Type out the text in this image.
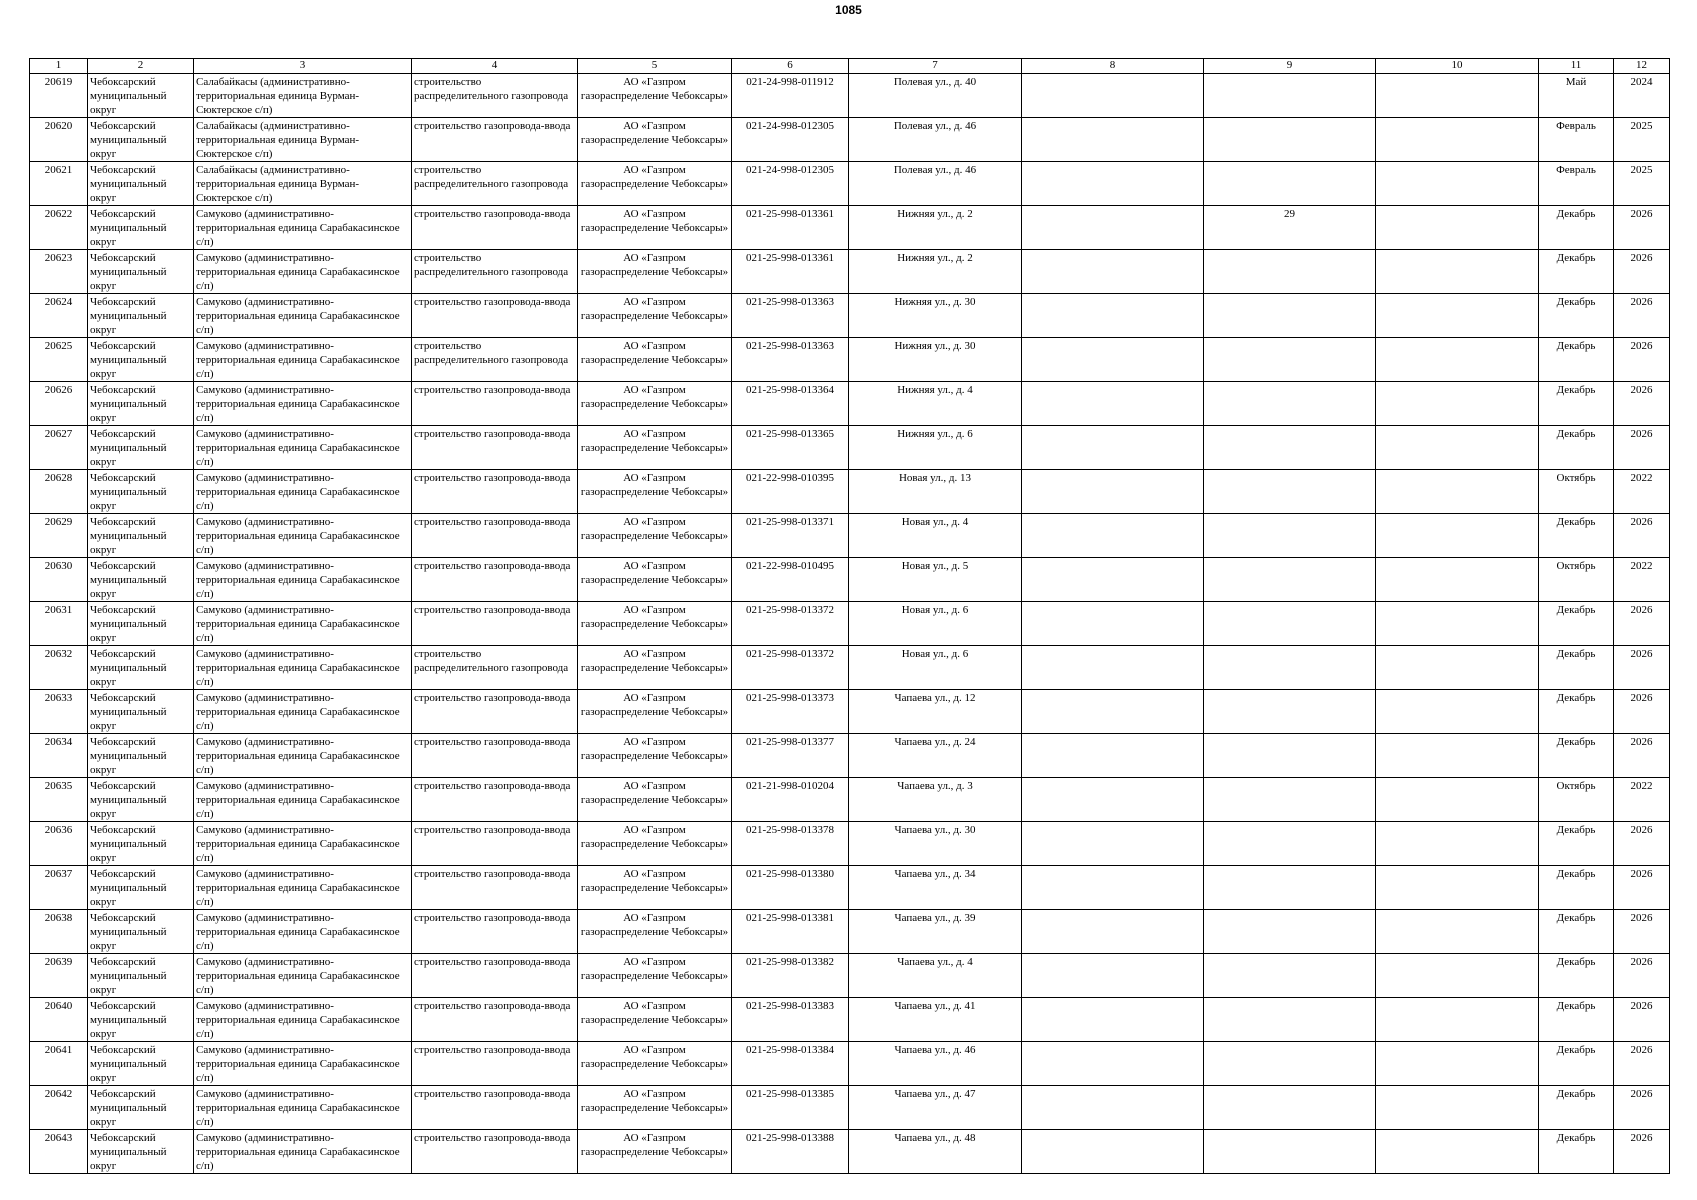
1085
1	2	3	4	5	6	7	8	9	10	11	12
20619	Чебоксарский муниципальный округ	Салабайкасы (административно-территориальная единица Вурман-Сюктерское с/п)	строительство распределительного газопровода	АО «Газпром газораспределение Чебоксары»	021-24-998-011912	Полевая ул., д. 40				Май	2024
20620	Чебоксарский муниципальный округ	Салабайкасы (административно-территориальная единица Вурман-Сюктерское с/п)	строительство газопровода-ввода	АО «Газпром газораспределение Чебоксары»	021-24-998-012305	Полевая ул., д. 46				Февраль	2025
20621	Чебоксарский муниципальный округ	Салабайкасы (административно-территориальная единица Вурман-Сюктерское с/п)	строительство распределительного газопровода	АО «Газпром газораспределение Чебоксары»	021-24-998-012305	Полевая ул., д. 46				Февраль	2025
20622	Чебоксарский муниципальный округ	Самуково (административно-территориальная единица Сарабакасинское с/п)	строительство газопровода-ввода	АО «Газпром газораспределение Чебоксары»	021-25-998-013361	Нижняя ул., д. 2		29		Декабрь	2026
20623	Чебоксарский муниципальный округ	Самуково (административно-территориальная единица Сарабакасинское с/п)	строительство распределительного газопровода	АО «Газпром газораспределение Чебоксары»	021-25-998-013361	Нижняя ул., д. 2				Декабрь	2026
20624	Чебоксарский муниципальный округ	Самуково (административно-территориальная единица Сарабакасинское с/п)	строительство газопровода-ввода	АО «Газпром газораспределение Чебоксары»	021-25-998-013363	Нижняя ул., д. 30				Декабрь	2026
20625	Чебоксарский муниципальный округ	Самуково (административно-территориальная единица Сарабакасинское с/п)	строительство распределительного газопровода	АО «Газпром газораспределение Чебоксары»	021-25-998-013363	Нижняя ул., д. 30				Декабрь	2026
20626	Чебоксарский муниципальный округ	Самуково (административно-территориальная единица Сарабакасинское с/п)	строительство газопровода-ввода	АО «Газпром газораспределение Чебоксары»	021-25-998-013364	Нижняя ул., д. 4				Декабрь	2026
20627	Чебоксарский муниципальный округ	Самуково (административно-территориальная единица Сарабакасинское с/п)	строительство газопровода-ввода	АО «Газпром газораспределение Чебоксары»	021-25-998-013365	Нижняя ул., д. 6				Декабрь	2026
20628	Чебоксарский муниципальный округ	Самуково (административно-территориальная единица Сарабакасинское с/п)	строительство газопровода-ввода	АО «Газпром газораспределение Чебоксары»	021-22-998-010395	Новая ул., д. 13				Октябрь	2022
20629	Чебоксарский муниципальный округ	Самуково (административно-территориальная единица Сарабакасинское с/п)	строительство газопровода-ввода	АО «Газпром газораспределение Чебоксары»	021-25-998-013371	Новая ул., д. 4				Декабрь	2026
20630	Чебоксарский муниципальный округ	Самуково (административно-территориальная единица Сарабакасинское с/п)	строительство газопровода-ввода	АО «Газпром газораспределение Чебоксары»	021-22-998-010495	Новая ул., д. 5				Октябрь	2022
20631	Чебоксарский муниципальный округ	Самуково (административно-территориальная единица Сарабакасинское с/п)	строительство газопровода-ввода	АО «Газпром газораспределение Чебоксары»	021-25-998-013372	Новая ул., д. 6				Декабрь	2026
20632	Чебоксарский муниципальный округ	Самуково (административно-территориальная единица Сарабакасинское с/п)	строительство распределительного газопровода	АО «Газпром газораспределение Чебоксары»	021-25-998-013372	Новая ул., д. 6				Декабрь	2026
20633	Чебоксарский муниципальный округ	Самуково (административно-территориальная единица Сарабакасинское с/п)	строительство газопровода-ввода	АО «Газпром газораспределение Чебоксары»	021-25-998-013373	Чапаева ул., д. 12				Декабрь	2026
20634	Чебоксарский муниципальный округ	Самуково (административно-территориальная единица Сарабакасинское с/п)	строительство газопровода-ввода	АО «Газпром газораспределение Чебоксары»	021-25-998-013377	Чапаева ул., д. 24				Декабрь	2026
20635	Чебоксарский муниципальный округ	Самуково (административно-территориальная единица Сарабакасинское с/п)	строительство газопровода-ввода	АО «Газпром газораспределение Чебоксары»	021-21-998-010204	Чапаева ул., д. 3				Октябрь	2022
20636	Чебоксарский муниципальный округ	Самуково (административно-территориальная единица Сарабакасинское с/п)	строительство газопровода-ввода	АО «Газпром газораспределение Чебоксары»	021-25-998-013378	Чапаева ул., д. 30				Декабрь	2026
20637	Чебоксарский муниципальный округ	Самуково (административно-территориальная единица Сарабакасинское с/п)	строительство газопровода-ввода	АО «Газпром газораспределение Чебоксары»	021-25-998-013380	Чапаева ул., д. 34				Декабрь	2026
20638	Чебоксарский муниципальный округ	Самуково (административно-территориальная единица Сарабакасинское с/п)	строительство газопровода-ввода	АО «Газпром газораспределение Чебоксары»	021-25-998-013381	Чапаева ул., д. 39				Декабрь	2026
20639	Чебоксарский муниципальный округ	Самуково (административно-территориальная единица Сарабакасинское с/п)	строительство газопровода-ввода	АО «Газпром газораспределение Чебоксары»	021-25-998-013382	Чапаева ул., д. 4				Декабрь	2026
20640	Чебоксарский муниципальный округ	Самуково (административно-территориальная единица Сарабакасинское с/п)	строительство газопровода-ввода	АО «Газпром газораспределение Чебоксары»	021-25-998-013383	Чапаева ул., д. 41				Декабрь	2026
20641	Чебоксарский муниципальный округ	Самуково (административно-территориальная единица Сарабакасинское с/п)	строительство газопровода-ввода	АО «Газпром газораспределение Чебоксары»	021-25-998-013384	Чапаева ул., д. 46				Декабрь	2026
20642	Чебоксарский муниципальный округ	Самуково (административно-территориальная единица Сарабакасинское с/п)	строительство газопровода-ввода	АО «Газпром газораспределение Чебоксары»	021-25-998-013385	Чапаева ул., д. 47				Декабрь	2026
20643	Чебоксарский муниципальный округ	Самуково (административно-территориальная единица Сарабакасинское с/п)	строительство газопровода-ввода	АО «Газпром газораспределение Чебоксары»	021-25-998-013388	Чапаева ул., д. 48				Декабрь	2026
